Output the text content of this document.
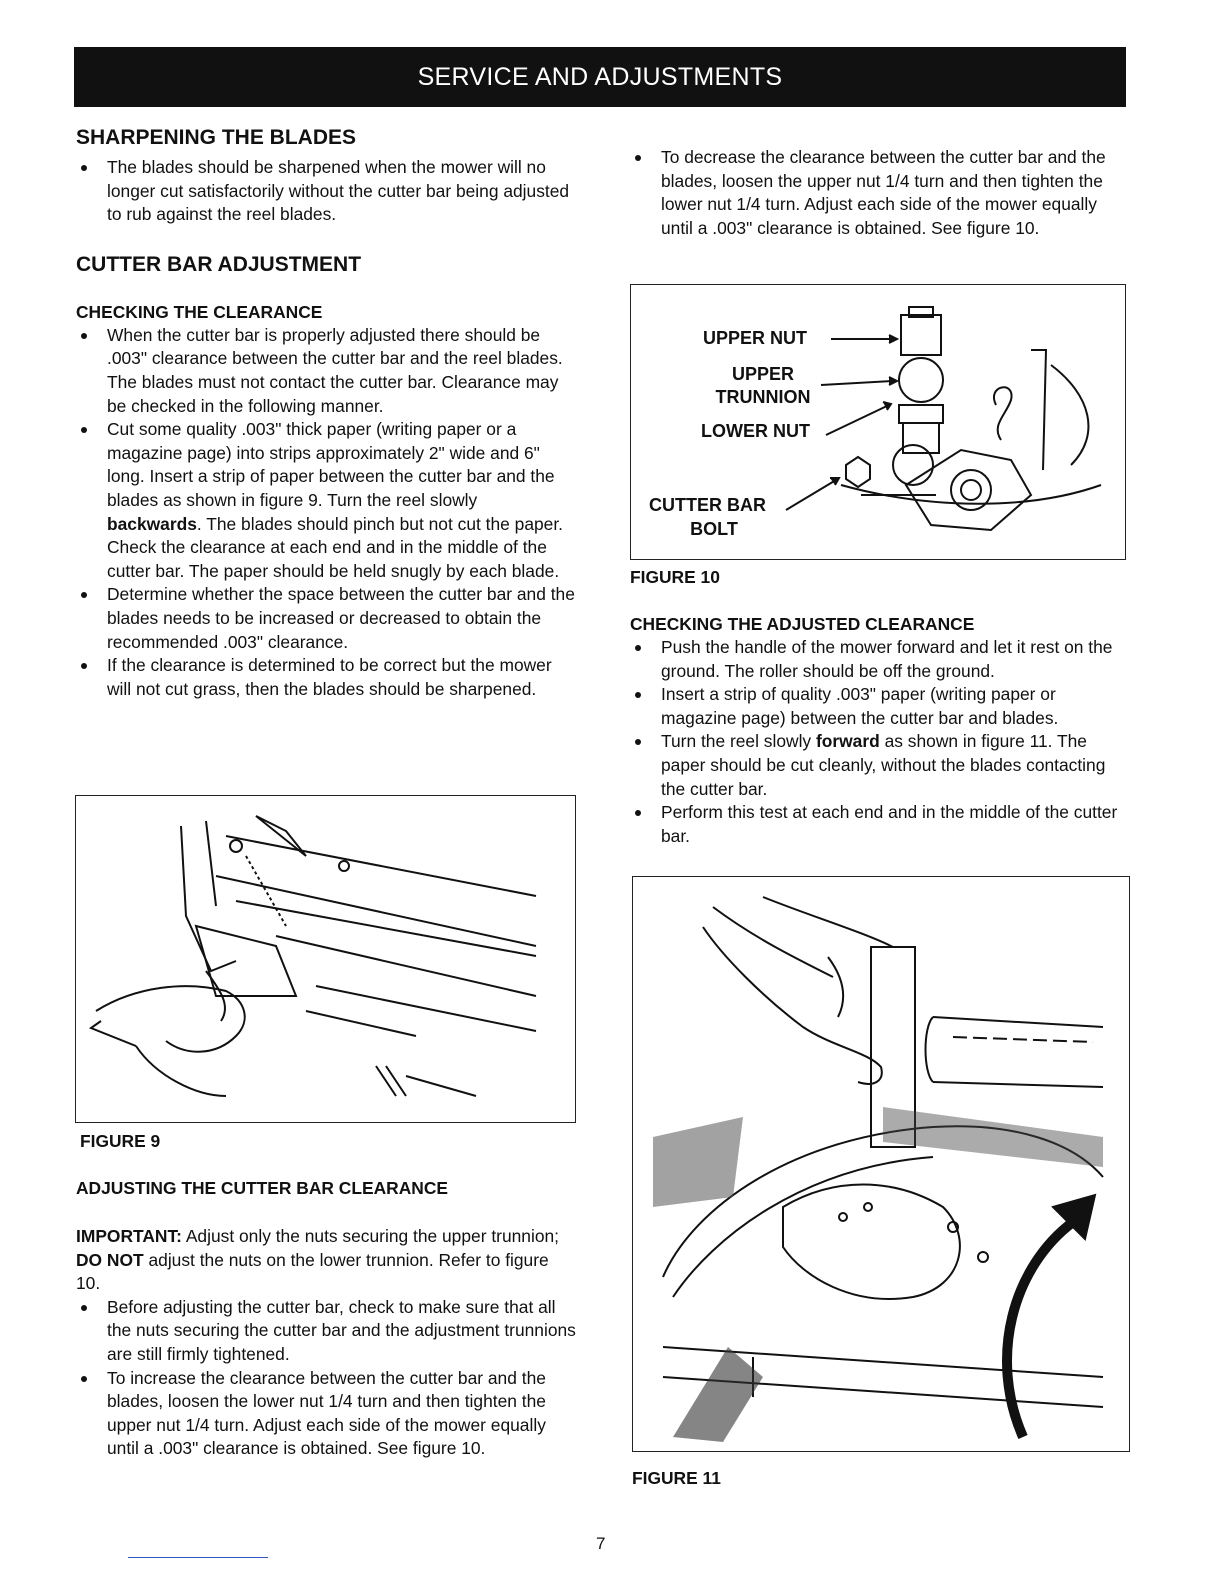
SERVICE AND ADJUSTMENTS
SHARPENING THE BLADES
The blades should be sharpened when the mower will no longer cut satisfactorily without the cutter bar being adjusted to rub against the reel blades.
CUTTER BAR ADJUSTMENT
CHECKING THE CLEARANCE
When the cutter bar is properly adjusted there should be .003" clearance between the cutter bar and the reel blades. The blades must not contact the cutter bar. Clearance may be checked in the following manner.
Cut some quality .003" thick paper (writing paper or a magazine page) into strips approximately 2" wide and 6" long. Insert a strip of paper between the cutter bar and the blades as shown in figure 9. Turn the reel slowly backwards. The blades should pinch but not cut the paper. Check the clearance at each end and in the middle of the cutter bar. The paper should be held snugly by each blade.
Determine whether the space between the cutter bar and the blades needs to be increased or decreased to obtain the recommended .003" clearance.
If the clearance is determined to be correct but the mower will not cut grass, then the blades should be sharpened.
FIGURE 9
ADJUSTING THE CUTTER BAR CLEARANCE

IMPORTANT: Adjust only the nuts securing the upper trunnion; DO NOT adjust the nuts on the lower trunnion. Refer to figure 10.

Before adjusting the cutter bar, check to make sure that all the nuts securing the cutter bar and the adjustment trunnions are still firmly tightened.
To increase the clearance between the cutter bar and the blades, loosen the lower nut 1/4 turn and then tighten the upper nut 1/4 turn. Adjust each side of the mower equally until a .003" clearance is obtained. See figure 10.
To decrease the clearance between the cutter bar and the blades, loosen the upper nut 1/4 turn and then tighten the lower nut 1/4 turn. Adjust each side of the mower equally until a .003" clearance is obtained. See figure 10.
UPPER NUT
UPPER
TRUNNION
LOWER NUT
CUTTER BAR
BOLT
FIGURE 10
CHECKING THE ADJUSTED CLEARANCE
Push the handle of the mower forward and let it rest on the ground. The roller should be off the ground.
Insert a strip of quality .003" paper (writing paper or magazine page) between the cutter bar and blades.
Turn the reel slowly forward as shown in figure 11. The paper should be cut cleanly, without the blades contacting the cutter bar.
Perform this test at each end and in the middle of the cutter bar.
FIGURE 11
7
